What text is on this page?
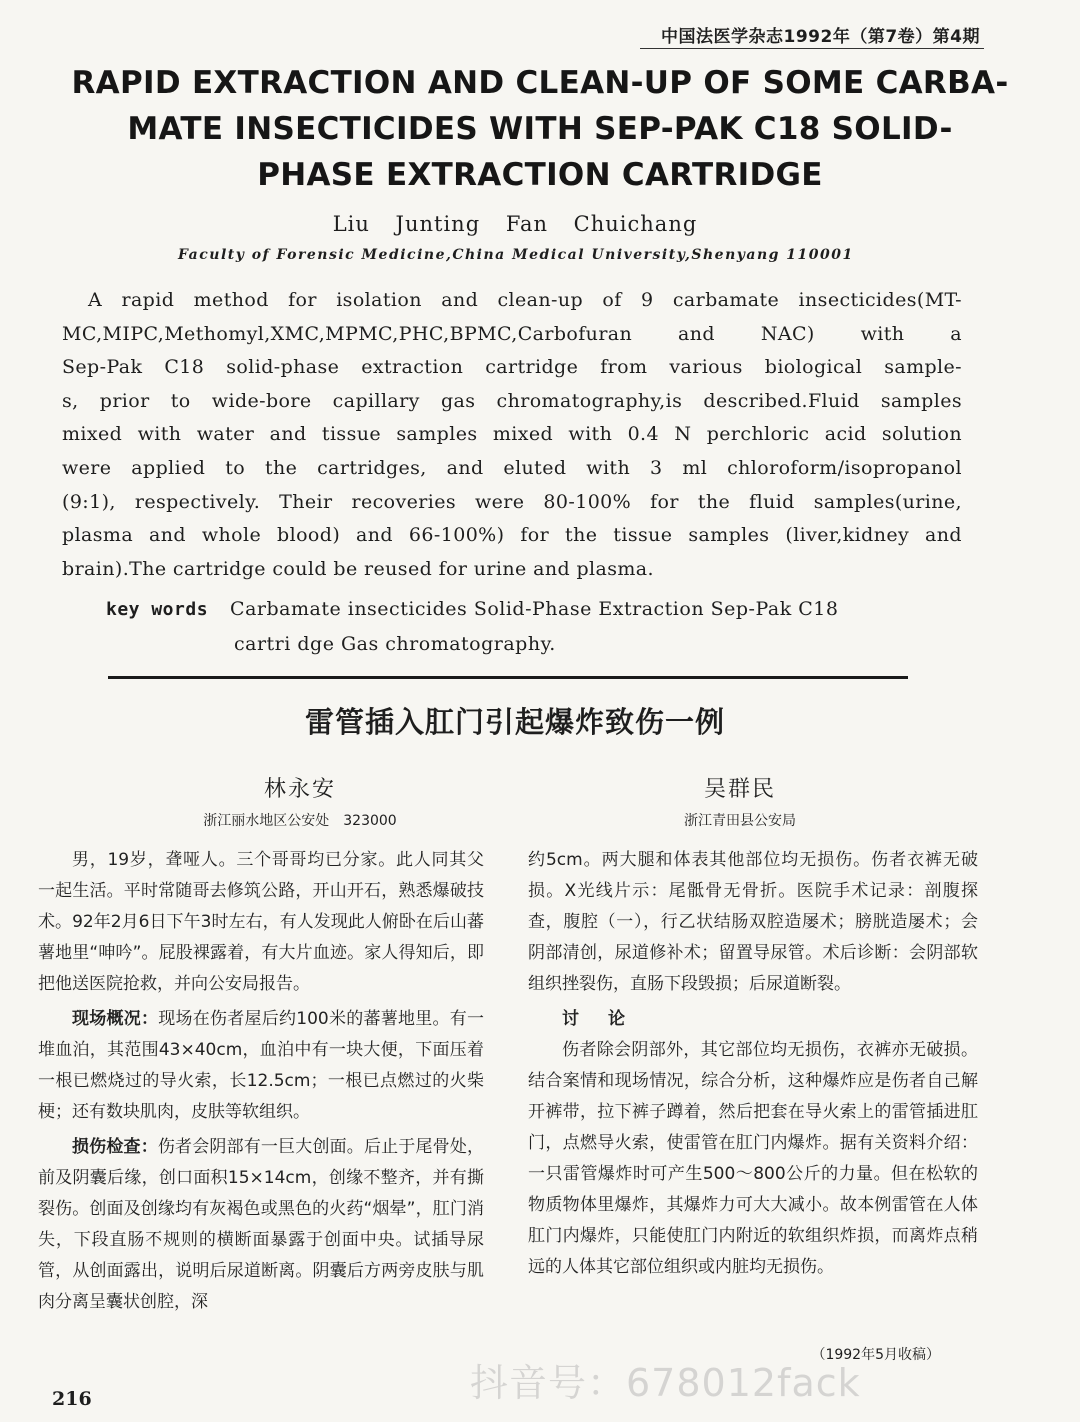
中国法医学杂志1992年（第7卷）第4期
RAPID EXTRACTION AND CLEAN-UP OF SOME CARBA-
MATE INSECTICIDES WITH SEP-PAK C18 SOLID-
PHASE EXTRACTION CARTRIDGE
Liu Junting Fan Chuichang
Faculty of Forensic Medicine,China Medical University,Shenyang 110001
A rapid method for isolation and clean-up of 9 carbamate insecticides(MT-
MC,MIPC,Methomyl,XMC,MPMC,PHC,BPMC,Carbofuran and NAC) with a
Sep-Pak C18 solid-phase extraction cartridge from various biological sample-
s, prior to wide-bore capillary gas chromatography,is described.Fluid samples
mixed with water and tissue samples mixed with 0.4 N perchloric acid solution
were applied to the cartridges, and eluted with 3 ml chloroform/isopropanol
(9:1), respectively. Their recoveries were 80-100% for the fluid samples(urine,
plasma and whole blood) and 66-100%) for the tissue samples (liver,kidney and
brain).The cartridge could be reused for urine and plasma.
key words Carbamate insecticides Solid-Phase Extraction Sep-Pak C18
cartri dge Gas chromatography.
雷管插入肛门引起爆炸致伤一例
林永安
浙江丽水地区公安处　323000
吴群民
浙江青田县公安局

男，19岁，聋哑人。三个哥哥均已分家。此人同其父一起生活。平时常随哥去修筑公路，开山开石，熟悉爆破技术。92年2月6日下午3时左右，有人发现此人俯卧在后山蕃薯地里“呻吟”。屁股裸露着，有大片血迹。家人得知后，即把他送医院抢救，并向公安局报告。

现场概况：现场在伤者屋后约100米的蕃薯地里。有一堆血泊，其范围43×40cm，血泊中有一块大便，下面压着一根已燃烧过的导火索，长12.5cm；一根已点燃过的火柴梗；还有数块肌肉，皮肤等软组织。

损伤检查：伤者会阴部有一巨大创面。后止于尾骨处，前及阴囊后缘，创口面积15×14cm，创缘不整齐，并有撕裂伤。创面及创缘均有灰褐色或黑色的火药“烟晕”，肛门消失，下段直肠不规则的横断面暴露于创面中央。试插导尿管，从创面露出，说明后尿道断离。阴囊后方两旁皮肤与肌肉分离呈囊状创腔，深

约5cm。两大腿和体表其他部位均无损伤。伤者衣裤无破损。X光线片示：尾骶骨无骨折。医院手术记录：剖腹探查，腹腔（一），行乙状结肠双腔造屡术；膀胱造屡术；会阴部清创，尿道修补术；留置导尿管。术后诊断：会阴部软组织挫裂伤，直肠下段毁损；后尿道断裂。

讨　论

伤者除会阴部外，其它部位均无损伤，衣裤亦无破损。结合案情和现场情况，综合分析，这种爆炸应是伤者自己解开裤带，拉下裤子蹲着，然后把套在导火索上的雷管插进肛门，点燃导火索，使雷管在肛门内爆炸。据有关资料介绍：一只雷管爆炸时可产生500～800公斤的力量。但在松软的物质物体里爆炸，其爆炸力可大大减小。故本例雷管在人体肛门内爆炸，只能使肛门内附近的软组织炸损，而离炸点稍远的人体其它部位组织或内脏均无损伤。

（1992年5月收稿）
抖音号：678012fack
216
